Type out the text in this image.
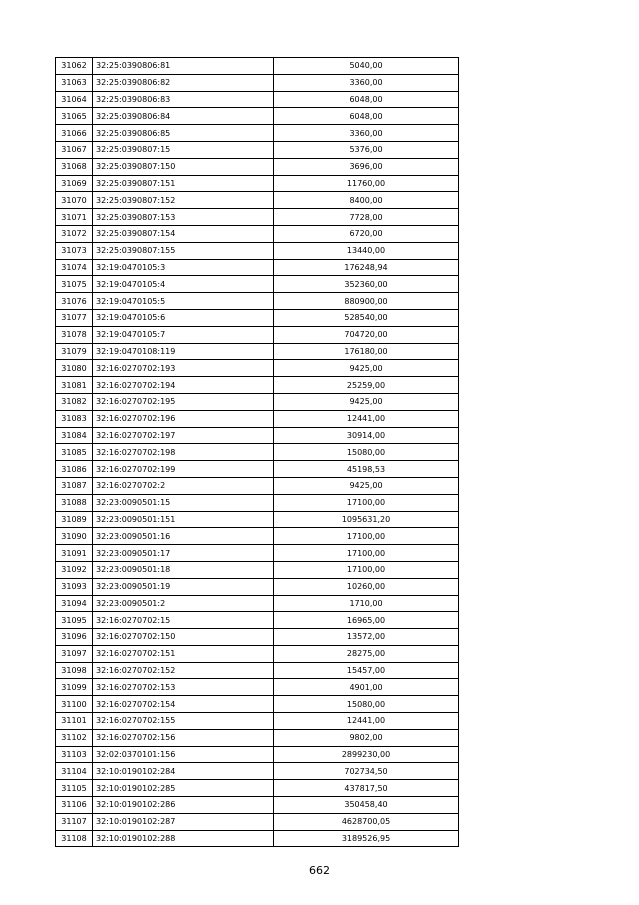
31062	32:25:0390806:81	5040,00
31063	32:25:0390806:82	3360,00
31064	32:25:0390806:83	6048,00
31065	32:25:0390806:84	6048,00
31066	32:25:0390806:85	3360,00
31067	32:25:0390807:15	5376,00
31068	32:25:0390807:150	3696,00
31069	32:25:0390807:151	11760,00
31070	32:25:0390807:152	8400,00
31071	32:25:0390807:153	7728,00
31072	32:25:0390807:154	6720,00
31073	32:25:0390807:155	13440,00
31074	32:19:0470105:3	176248,94
31075	32:19:0470105:4	352360,00
31076	32:19:0470105:5	880900,00
31077	32:19:0470105:6	528540,00
31078	32:19:0470105:7	704720,00
31079	32:19:0470108:119	176180,00
31080	32:16:0270702:193	9425,00
31081	32:16:0270702:194	25259,00
31082	32:16:0270702:195	9425,00
31083	32:16:0270702:196	12441,00
31084	32:16:0270702:197	30914,00
31085	32:16:0270702:198	15080,00
31086	32:16:0270702:199	45198,53
31087	32:16:0270702:2	9425,00
31088	32:23:0090501:15	17100,00
31089	32:23:0090501:151	1095631,20
31090	32:23:0090501:16	17100,00
31091	32:23:0090501:17	17100,00
31092	32:23:0090501:18	17100,00
31093	32:23:0090501:19	10260,00
31094	32:23:0090501:2	1710,00
31095	32:16:0270702:15	16965,00
31096	32:16:0270702:150	13572,00
31097	32:16:0270702:151	28275,00
31098	32:16:0270702:152	15457,00
31099	32:16:0270702:153	4901,00
31100	32:16:0270702:154	15080,00
31101	32:16:0270702:155	12441,00
31102	32:16:0270702:156	9802,00
31103	32:02:0370101:156	2899230,00
31104	32:10:0190102:284	702734,50
31105	32:10:0190102:285	437817,50
31106	32:10:0190102:286	350458,40
31107	32:10:0190102:287	4628700,05
31108	32:10:0190102:288	3189526,95
662
